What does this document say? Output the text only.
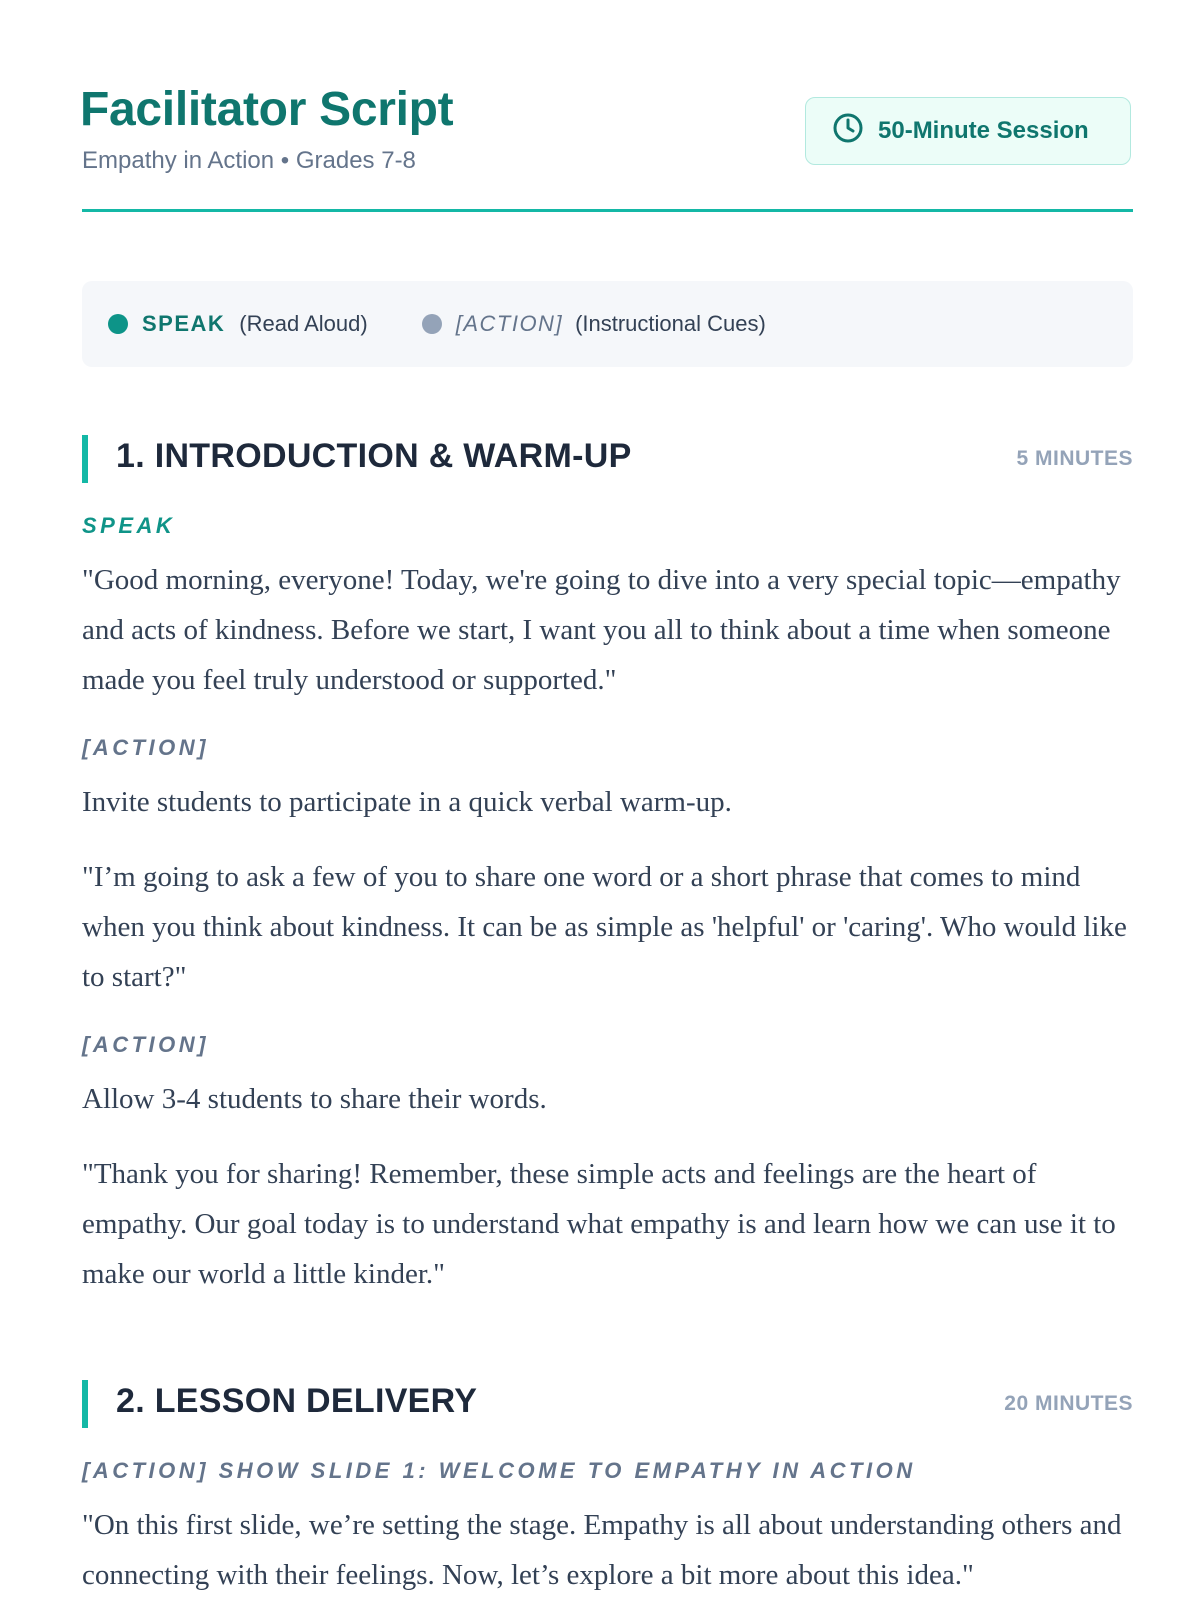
Facilitator Script

Empathy in Action • Grades 7-8

50-Minute Session
SPEAK (Read Aloud)	[ACTION] (Instructional Cues)
1. INTRODUCTION & WARM-UP	5 MINUTES

SPEAK

"Good morning, everyone! Today, we're going to dive into a very special topic—empathy and acts of kindness. Before we start, I want you all to think about a time when someone made you feel truly understood or supported."

[ACTION]

Invite students to participate in a quick verbal warm-up.

"I’m going to ask a few of you to share one word or a short phrase that comes to mind when you think about kindness. It can be as simple as 'helpful' or 'caring'. Who would like to start?"

[ACTION]

Allow 3-4 students to share their words.

"Thank you for sharing! Remember, these simple acts and feelings are the heart of empathy. Our goal today is to understand what empathy is and learn how we can use it to make our world a little kinder."

2. LESSON DELIVERY	20 MINUTES

[ACTION] SHOW SLIDE 1: WELCOME TO EMPATHY IN ACTION

"On this first slide, we’re setting the stage. Empathy is all about understanding others and connecting with their feelings. Now, let’s explore a bit more about this idea."
